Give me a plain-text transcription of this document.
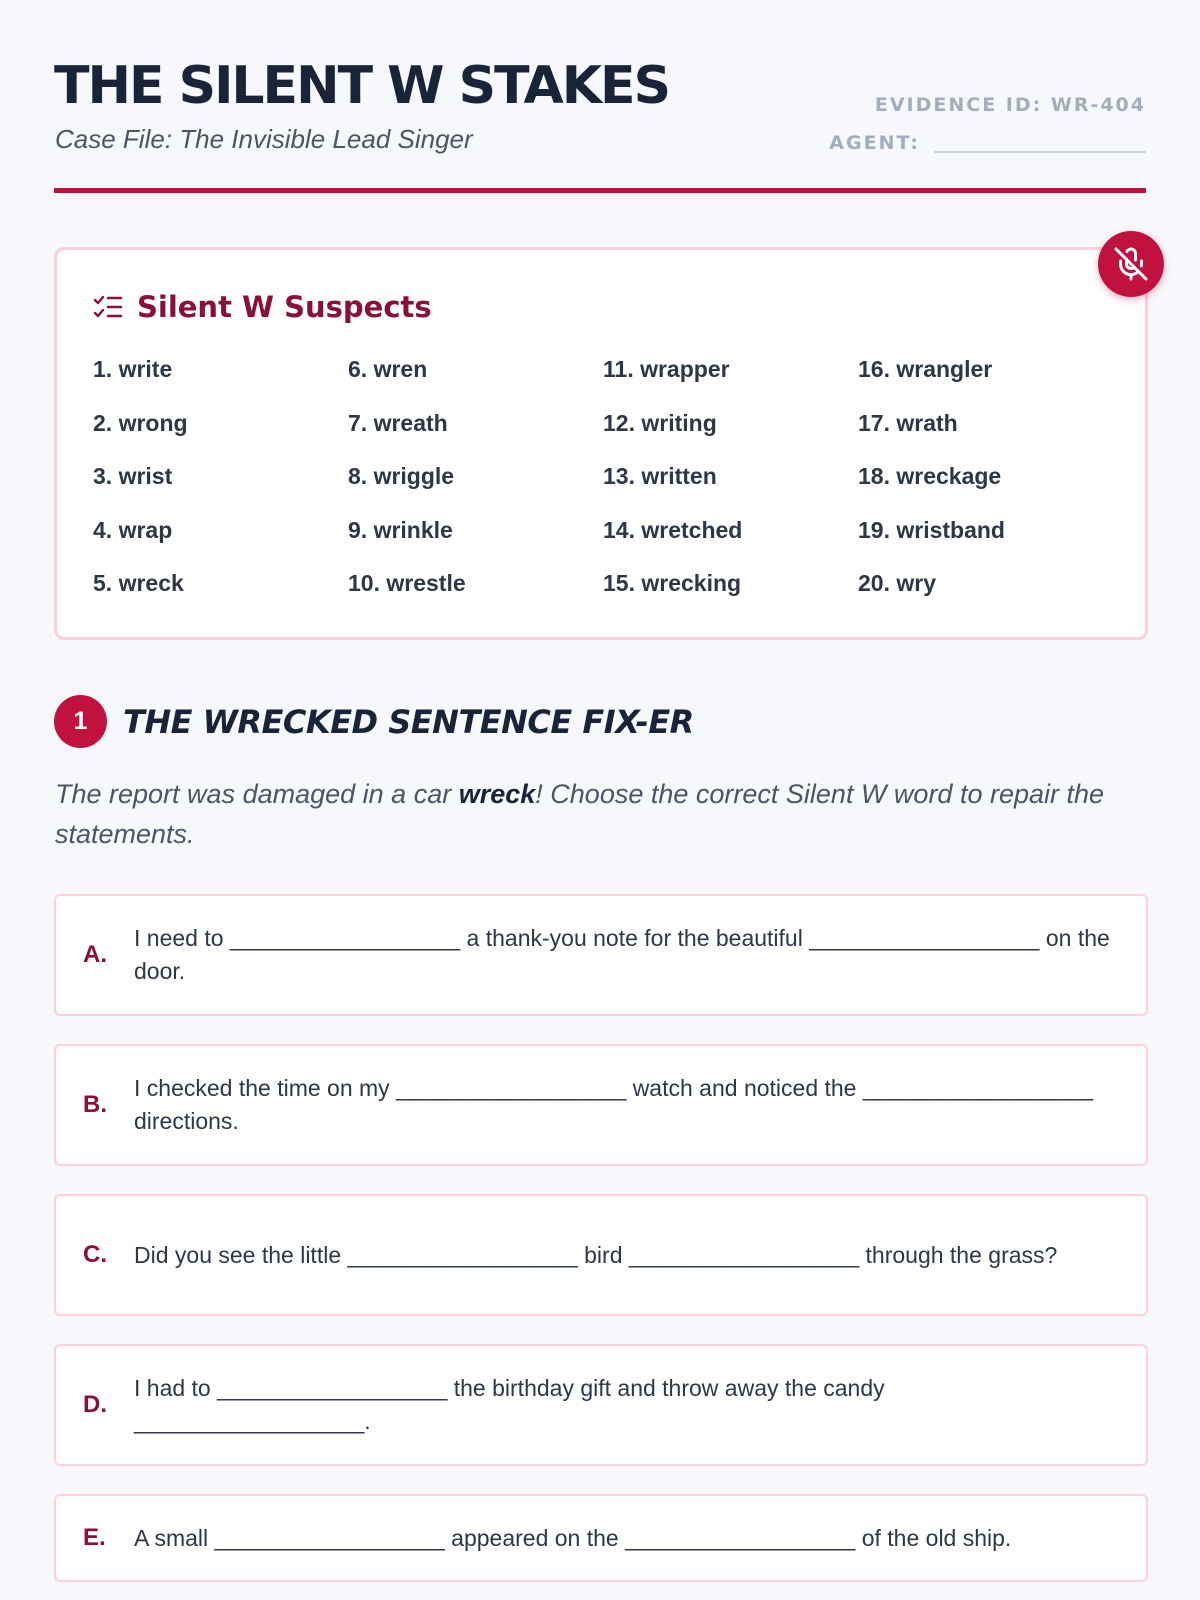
THE SILENT W STAKES
Case File: The Invisible Lead Singer
EVIDENCE ID: WR-404
AGENT:
Silent W Suspects
1. write
2. wrong
3. wrist
4. wrap
5. wreck
6. wren
7. wreath
8. wriggle
9. wrinkle
10. wrestle
11. wrapper
12. writing
13. written
14. wretched
15. wrecking
16. wrangler
17. wrath
18. wreckage
19. wristband
20. wry
1	THE WRECKED SENTENCE FIX-ER

The report was damaged in a car wreck! Choose the correct Silent W word to repair the statements.

A.
I need to __________________ a thank-you note for the beautiful __________________ on the door.
B.
I checked the time on my __________________ watch and noticed the __________________ directions.
C.	Did you see the little __________________ bird __________________ through the grass?
D.
I had to __________________ the birthday gift and throw away the candy __________________.
E.	A small __________________ appeared on the __________________ of the old ship.
